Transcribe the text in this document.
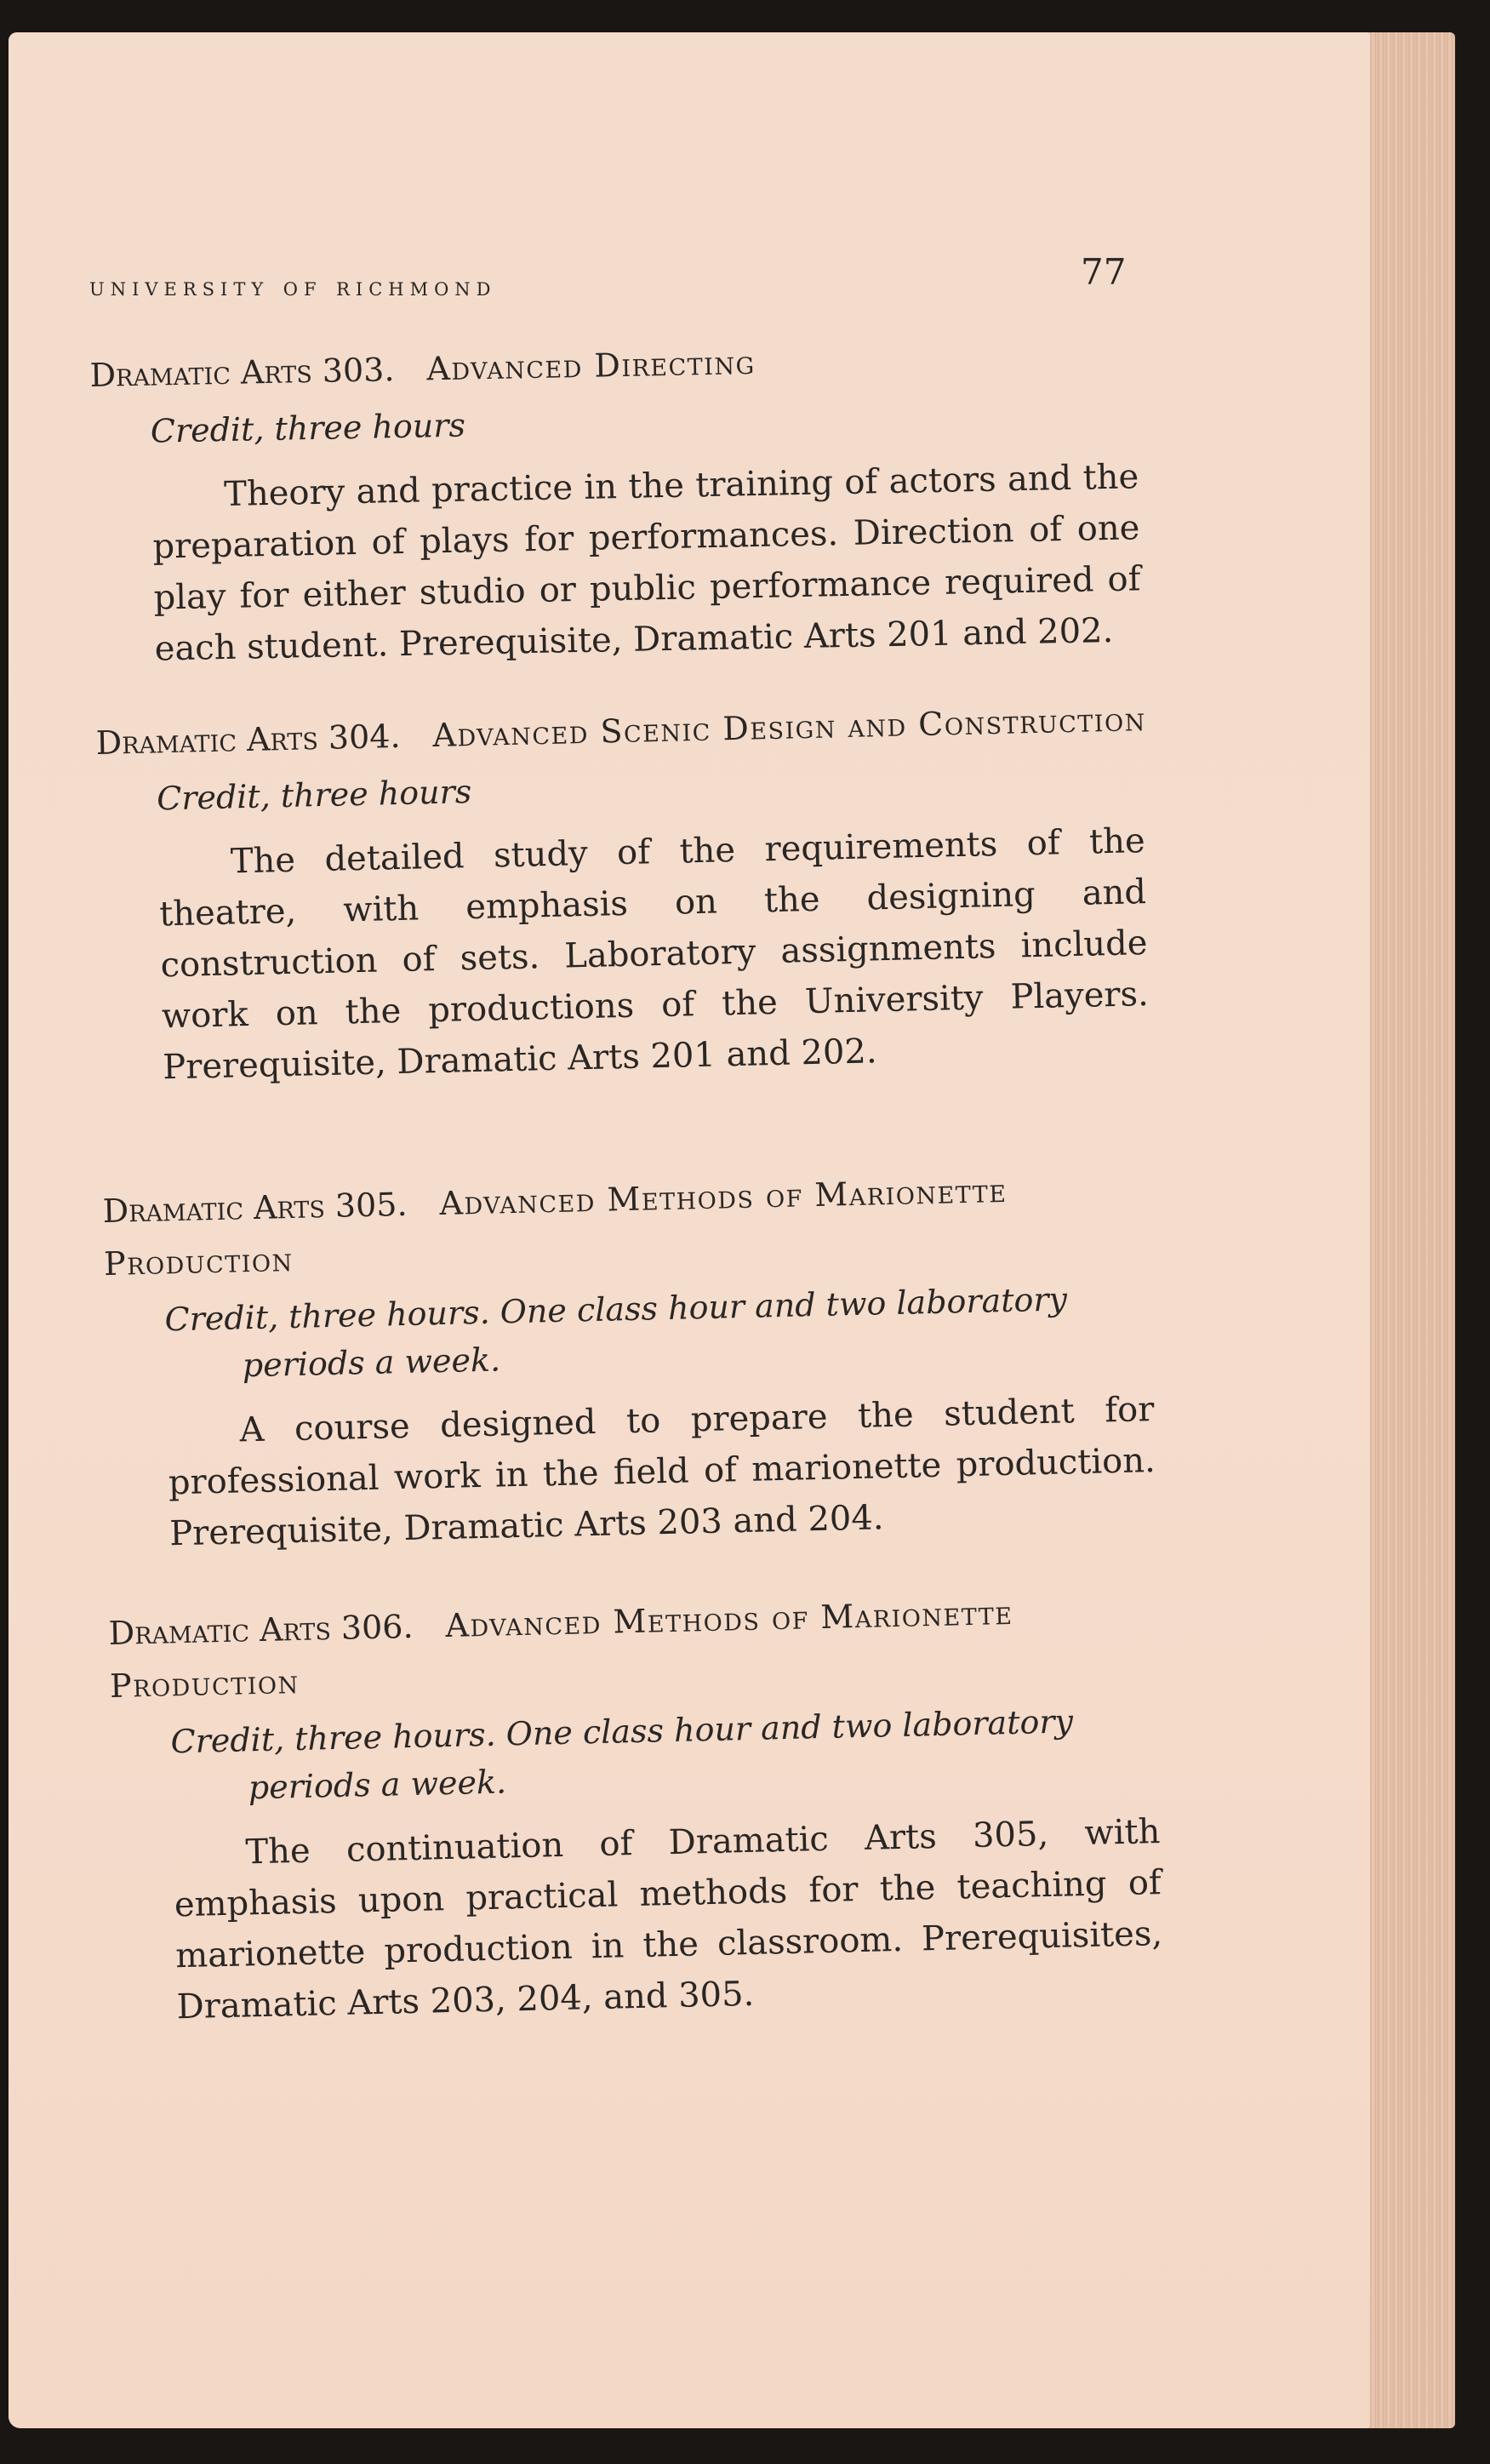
university of richmond	77

Dramatic Arts 303. Advanced Directing

Credit, three hours

Theory and practice in the training of actors and the preparation of plays for performances. Direction of one play for either studio or public performance required of each student. Prerequisite, Dramatic Arts 201 and 202.

Dramatic Arts 304. Advanced Scenic Design and Construction

Credit, three hours

The detailed study of the requirements of the theatre, with emphasis on the designing and construction of sets. Laboratory assignments include work on the productions of the University Players. Prerequisite, Dramatic Arts 201 and 202.

Dramatic Arts 305. Advanced Methods of Marionette Production

Credit, three hours. One class hour and two laboratory periods a week.

A course designed to prepare the student for professional work in the field of marionette production. Prerequisite, Dramatic Arts 203 and 204.

Dramatic Arts 306. Advanced Methods of Marionette Production

Credit, three hours. One class hour and two laboratory periods a week.

The continuation of Dramatic Arts 305, with emphasis upon practical methods for the teaching of marionette production in the classroom. Prerequisites, Dramatic Arts 203, 204, and 305.
